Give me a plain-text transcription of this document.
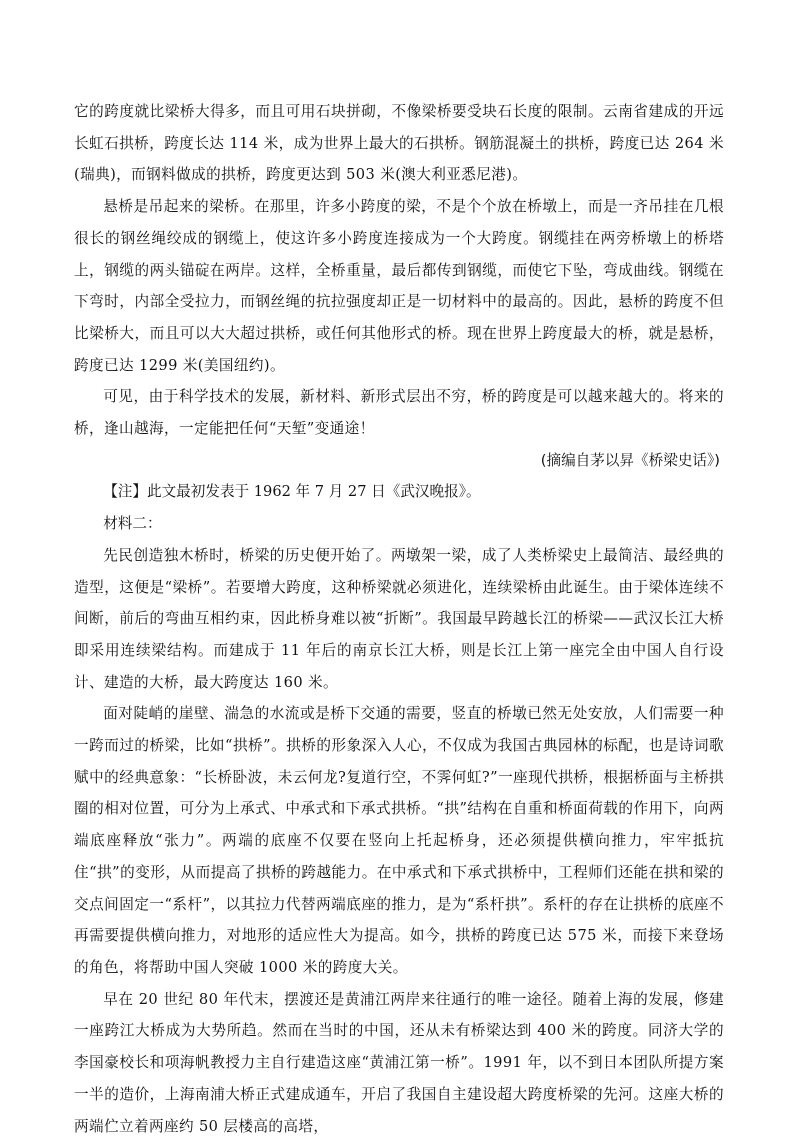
它的跨度就比梁桥大得多，而且可用石块拼砌，不像梁桥要受块石长度的限制。云南省建成的开远长虹石拱桥，跨度长达 114 米，成为世界上最大的石拱桥。钢筋混凝土的拱桥，跨度已达 264 米(瑞典)，而钢料做成的拱桥，跨度更达到 503 米(澳大利亚悉尼港)。

悬桥是吊起来的梁桥。在那里，许多小跨度的梁，不是个个放在桥墩上，而是一齐吊挂在几根很长的钢丝绳绞成的钢缆上，使这许多小跨度连接成为一个大跨度。钢缆挂在两旁桥墩上的桥塔上，钢缆的两头锚碇在两岸。这样，全桥重量，最后都传到钢缆，而使它下坠，弯成曲线。钢缆在下弯时，内部全受拉力，而钢丝绳的抗拉强度却正是一切材料中的最高的。因此，悬桥的跨度不但比梁桥大，而且可以大大超过拱桥，或任何其他形式的桥。现在世界上跨度最大的桥，就是悬桥，跨度已达 1299 米(美国纽约)。

可见，由于科学技术的发展，新材料、新形式层出不穷，桥的跨度是可以越来越大的。将来的桥，逢山越海，一定能把任何“天堑”变通途！

(摘编自茅以昇《桥梁史话》)

【注】此文最初发表于 1962 年 7 月 27 日《武汉晚报》。

材料二：

先民创造独木桥时，桥梁的历史便开始了。两墩架一梁，成了人类桥梁史上最简洁、最经典的造型，这便是“梁桥”。若要增大跨度，这种桥梁就必须进化，连续梁桥由此诞生。由于梁体连续不间断，前后的弯曲互相约束，因此桥身难以被“折断”。我国最早跨越长江的桥梁——武汉长江大桥即采用连续梁结构。而建成于 11 年后的南京长江大桥，则是长江上第一座完全由中国人自行设计、建造的大桥，最大跨度达 160 米。

面对陡峭的崖壁、湍急的水流或是桥下交通的需要，竖直的桥墩已然无处安放，人们需要一种一跨而过的桥梁，比如“拱桥”。拱桥的形象深入人心，不仅成为我国古典园林的标配，也是诗词歌赋中的经典意象：“长桥卧波，未云何龙?复道行空，不霁何虹?”一座现代拱桥，根据桥面与主桥拱圈的相对位置，可分为上承式、中承式和下承式拱桥。“拱”结构在自重和桥面荷载的作用下，向两端底座释放“张力”。两端的底座不仅要在竖向上托起桥身，还必须提供横向推力，牢牢抵抗住“拱”的变形，从而提高了拱桥的跨越能力。在中承式和下承式拱桥中，工程师们还能在拱和梁的交点间固定一“系杆”，以其拉力代替两端底座的推力，是为“系杆拱”。系杆的存在让拱桥的底座不再需要提供横向推力，对地形的适应性大为提高。如今，拱桥的跨度已达 575 米，而接下来登场的角色，将帮助中国人突破 1000 米的跨度大关。

早在 20 世纪 80 年代末，摆渡还是黄浦江两岸来往通行的唯一途径。随着上海的发展，修建一座跨江大桥成为大势所趋。然而在当时的中国，还从未有桥梁达到 400 米的跨度。同济大学的李国豪校长和项海帆教授力主自行建造这座“黄浦江第一桥”。1991 年，以不到日本团队所提方案一半的造价，上海南浦大桥正式建成通车，开启了我国自主建设超大跨度桥梁的先河。这座大桥的两端伫立着两座约 50 层楼高的高塔，
